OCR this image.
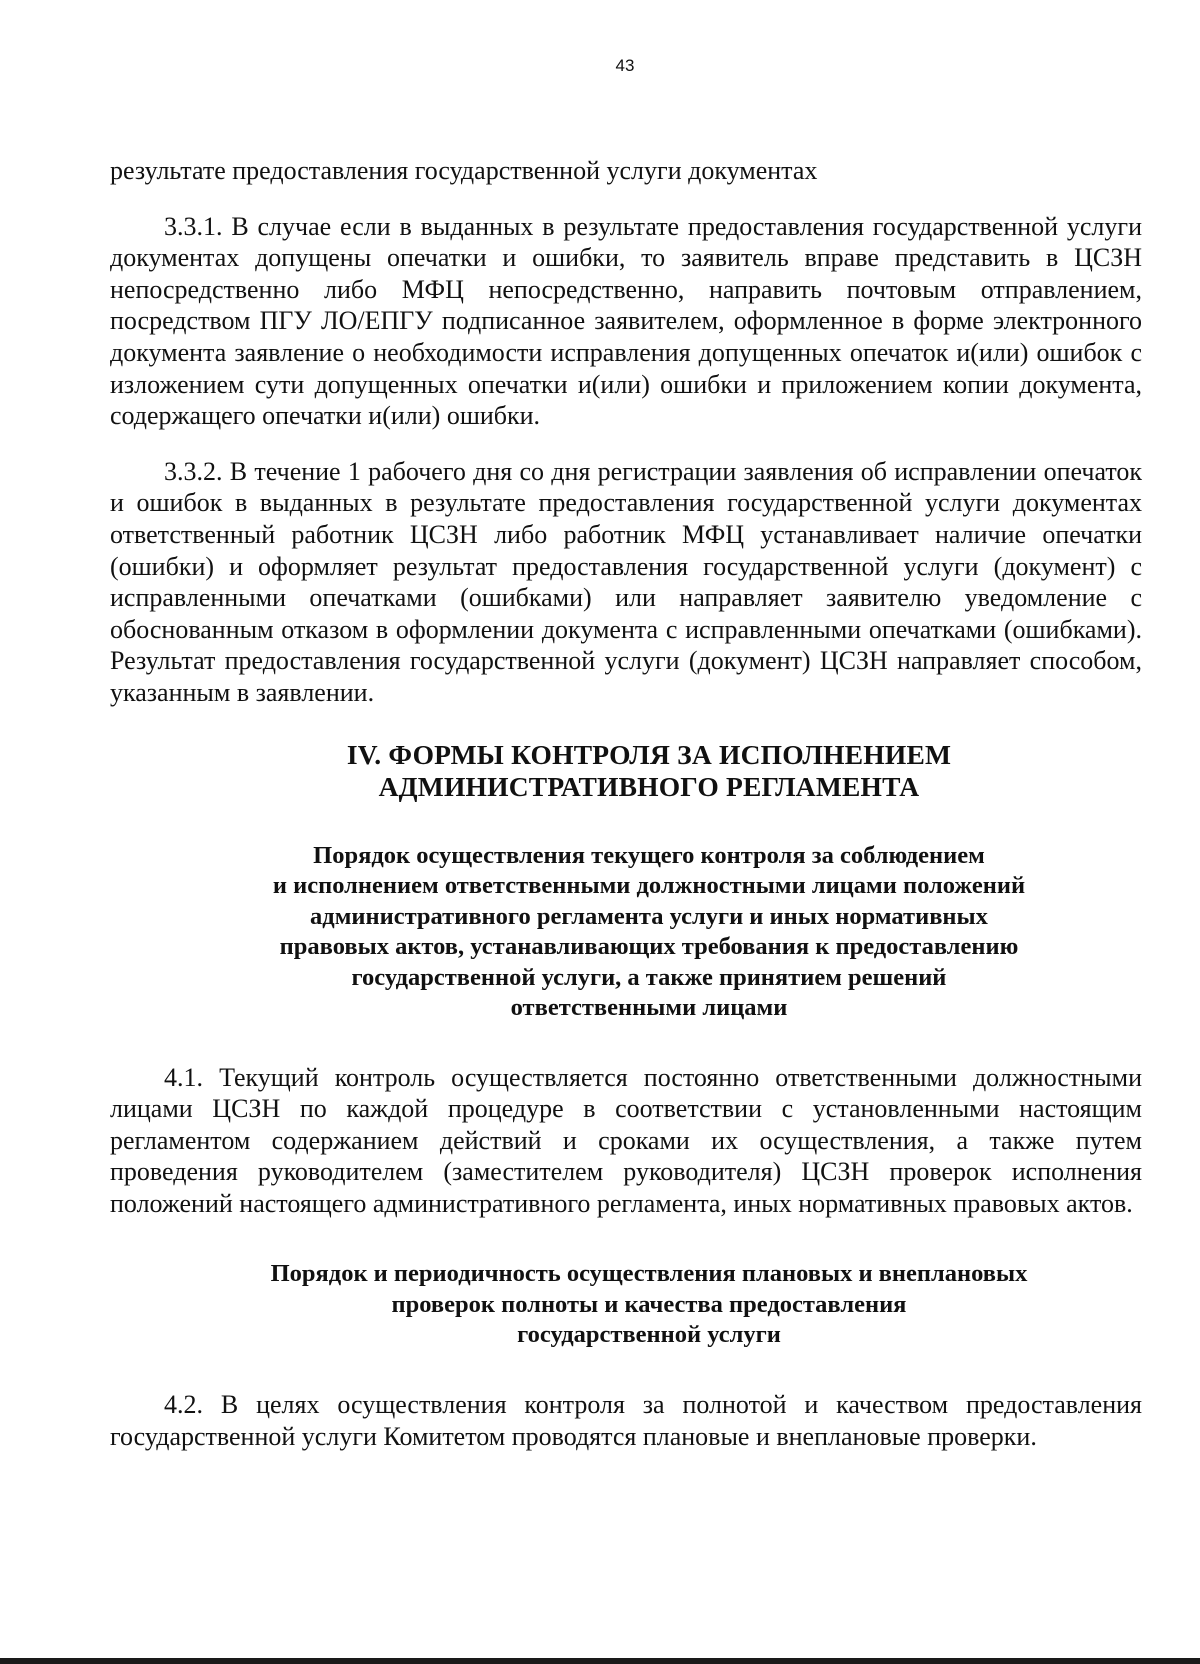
43

результате предоставления государственной услуги документах

3.3.1. В случае если в выданных в результате предоставления государственной услуги документах допущены опечатки и ошибки, то заявитель вправе представить в ЦСЗН непосредственно либо МФЦ непосредственно, направить почтовым отправлением, посредством ПГУ ЛО/ЕПГУ подписанное заявителем, оформленное в форме электронного документа заявление о необходимости исправления допущенных опечаток и(или) ошибок с изложением сути допущенных опечатки и(или) ошибки и приложением копии документа, содержащего опечатки и(или) ошибки.

3.3.2. В течение 1 рабочего дня со дня регистрации заявления об исправлении опечаток и ошибок в выданных в результате предоставления государственной услуги документах ответственный работник ЦСЗН либо работник МФЦ устанавливает наличие опечатки (ошибки) и оформляет результат предоставления государственной услуги (документ) с исправленными опечатками (ошибками) или направляет заявителю уведомление с обоснованным отказом в оформлении документа с исправленными опечатками (ошибками). Результат предоставления государственной услуги (документ) ЦСЗН направляет способом, указанным в заявлении.

IV. ФОРМЫ КОНТРОЛЯ ЗА ИСПОЛНЕНИЕМ
АДМИНИСТРАТИВНОГО РЕГЛАМЕНТА
Порядок осуществления текущего контроля за соблюдением
и исполнением ответственными должностными лицами положений
административного регламента услуги и иных нормативных
правовых актов, устанавливающих требования к предоставлению
государственной услуги, а также принятием решений
ответственными лицами

4.1. Текущий контроль осуществляется постоянно ответственными должностными лицами ЦСЗН по каждой процедуре в соответствии с установленными настоящим регламентом содержанием действий и сроками их осуществления, а также путем проведения руководителем (заместителем руководителя) ЦСЗН проверок исполнения положений настоящего административного регламента, иных нормативных правовых актов.

Порядок и периодичность осуществления плановых и внеплановых
проверок полноты и качества предоставления
государственной услуги

4.2. В целях осуществления контроля за полнотой и качеством предоставления государственной услуги Комитетом проводятся плановые и внеплановые проверки.
